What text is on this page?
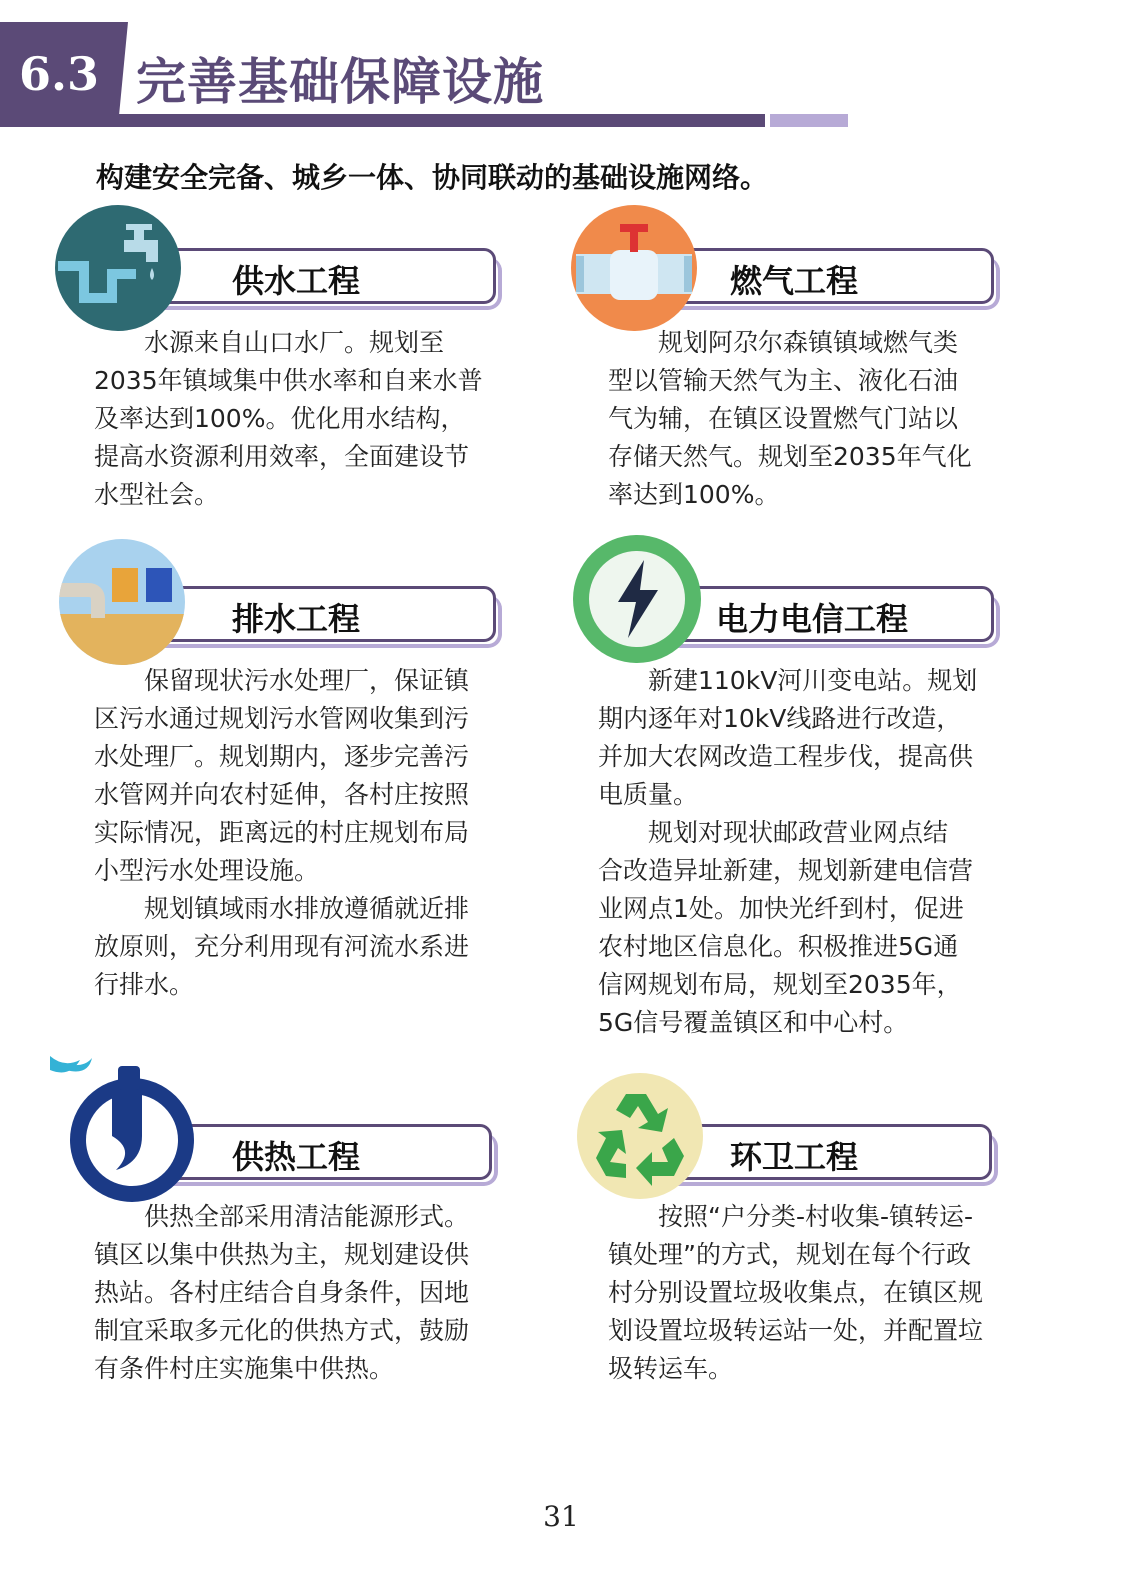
6.3 完善基础保障设施
构建安全完备、城乡一体、协同联动的基础设施网络。
供水工程

　　水源来自山口水厂。规划至

2035年镇域集中供水率和自来水普

及率达到100%。优化用水结构，

提高水资源利用效率，全面建设节

水型社会。

燃气工程

　　规划阿尕尔森镇镇域燃气类

型以管输天然气为主、液化石油

气为辅，在镇区设置燃气门站以

存储天然气。规划至2035年气化

率达到100%。

排水工程

　　保留现状污水处理厂，保证镇

区污水通过规划污水管网收集到污

水处理厂。规划期内，逐步完善污

水管网并向农村延伸，各村庄按照

实际情况，距离远的村庄规划布局

小型污水处理设施。

　　规划镇域雨水排放遵循就近排

放原则，充分利用现有河流水系进

行排水。

电力电信工程

　　新建110kV河川变电站。规划

期内逐年对10kV线路进行改造，

并加大农网改造工程步伐，提高供

电质量。

　　规划对现状邮政营业网点结

合改造异址新建，规划新建电信营

业网点1处。加快光纤到村，促进

农村地区信息化。积极推进5G通

信网规划布局，规划至2035年，

5G信号覆盖镇区和中心村。

供热工程

　　供热全部采用清洁能源形式。

镇区以集中供热为主，规划建设供

热站。各村庄结合自身条件，因地

制宜采取多元化的供热方式，鼓励

有条件村庄实施集中供热。

环卫工程

　　按照“户分类-村收集-镇转运-

镇处理”的方式，规划在每个行政

村分别设置垃圾收集点，在镇区规

划设置垃圾转运站一处，并配置垃

圾转运车。

31
